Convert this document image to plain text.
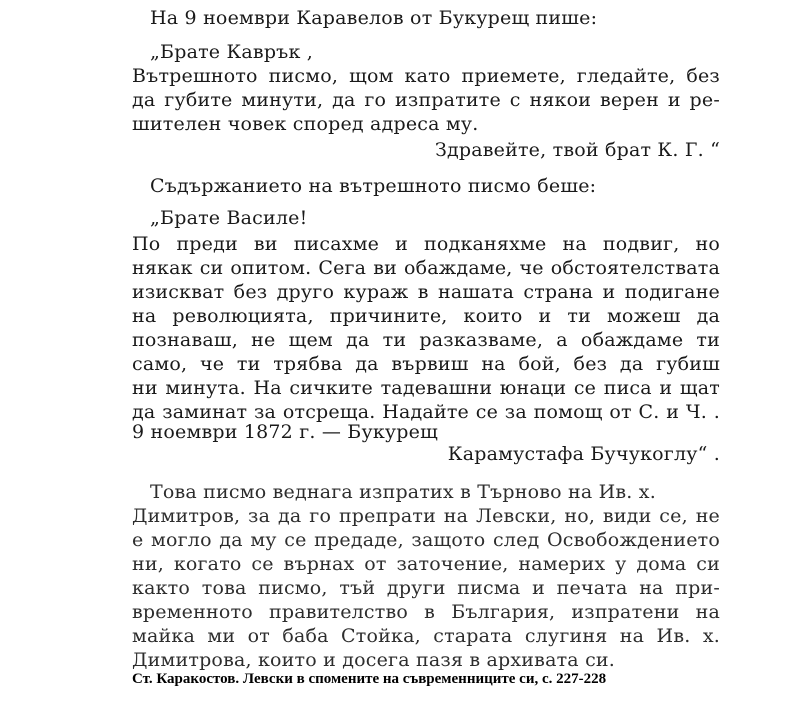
На 9 ноември Каравелов от Букурещ пише:
„Брате Каврък ,
Вътрешното писмо, щом като приемете, гледайте, без
да губите минути, да го изпратите с някои верен и ре-
шителен човек според адреса му.
Здравейте, твой брат К. Г. “
Съдържанието на вътрешното писмо беше:
„Брате Василе!
По преди ви писахме и подканяхме на подвиг, но
някак си опитом. Сега ви обаждаме, че обстоятелствата
изискват без друго кураж в нашата страна и подигане
на революцията, причините, които и ти можеш да
познаваш, не щем да ти разказваме, а обаждаме ти
само, че ти трябва да вървиш на бой, без да губиш
ни минута. На сичките тадевашни юнаци се писа и щат
да заминат за отсреща. Надайте се за помощ от С. и Ч. .
9 ноември 1872 г. — Букурещ
Карамустафа Бучукоглу“ .
Това писмо веднага изпратих в Търново на Ив. х.
Димитров, за да го препрати на Левски, но, види се, не
е могло да му се предаде, защото след Освобождението
ни, когато се върнах от заточение, намерих у дома си
както това писмо, тъй други писма и печата на при-
временното правителство в България, изпратени на
майка ми от баба Стойка, старата слугиня на Ив. х.
Димитрова, които и досега пазя в архивата си.
Ст. Каракостов. Левски в спомените на съвременниците си, с. 227-228
